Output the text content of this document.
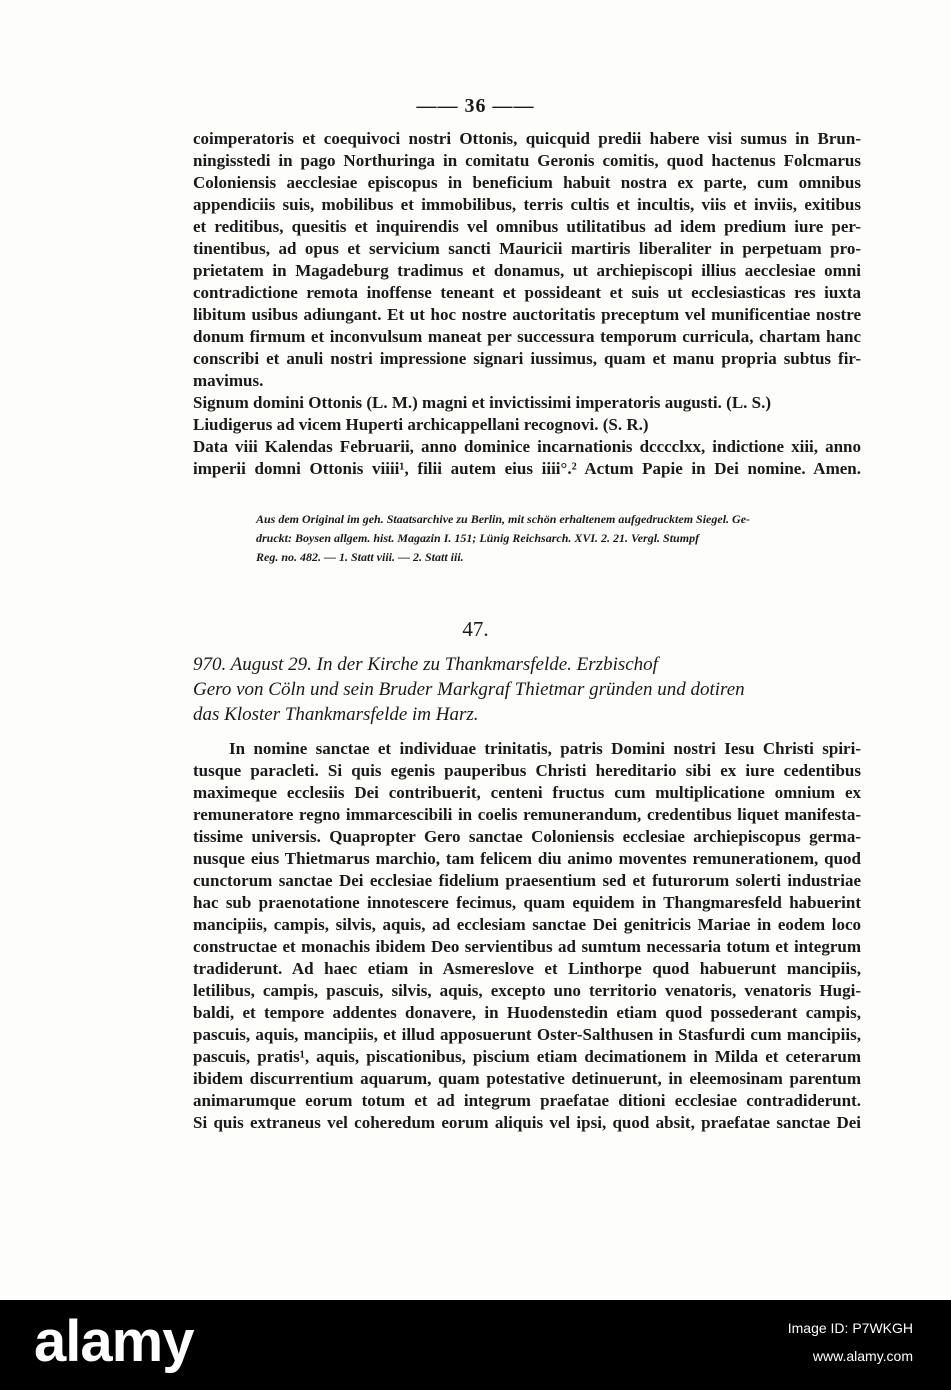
—— 36 ——
coimperatoris et coequivoci nostri Ottonis, quicquid predii habere visi sumus in Brun-
ningisstedi in pago Northuringa in comitatu Geronis comitis, quod hactenus Folcmarus
Coloniensis aecclesiae episcopus in beneficium habuit nostra ex parte, cum omnibus
appendiciis suis, mobilibus et immobilibus, terris cultis et incultis, viis et inviis, exitibus
et reditibus, quesitis et inquirendis vel omnibus utilitatibus ad idem predium iure per-
tinentibus, ad opus et servicium sancti Mauricii martiris liberaliter in perpetuam pro-
prietatem in Magadeburg tradimus et donamus, ut archiepiscopi illius aecclesiae omni
contradictione remota inoffense teneant et possideant et suis ut ecclesiasticas res iuxta
libitum usibus adiungant. Et ut hoc nostre auctoritatis preceptum vel munificentiae nostre
donum firmum et inconvulsum maneat per successura temporum curricula, chartam hanc
conscribi et anuli nostri impressione signari iussimus, quam et manu propria subtus fir-
mavimus.
Signum domini Ottonis (L. M.) magni et invictissimi imperatoris augusti. (L. S.)
Liudigerus ad vicem Huperti archicappellani recognovi. (S. R.)
Data viii Kalendas Februarii, anno dominice incarnationis dcccclxx, indictione xiii, anno
imperii domni Ottonis viiii¹, filii autem eius iiii°.² Actum Papie in Dei nomine. Amen.
Aus dem Original im geh. Staatsarchive zu Berlin, mit schön erhaltenem aufgedrucktem Siegel. Ge-
druckt: Boysen allgem. hist. Magazin I. 151; Lünig Reichsarch. XVI. 2. 21. Vergl. Stumpf
Reg. no. 482. — 1. Statt viii. — 2. Statt iii.
47.
970. August 29. In der Kirche zu Thankmarsfelde. Erzbischof
Gero von Cöln und sein Bruder Markgraf Thietmar gründen und dotiren
das Kloster Thankmarsfelde im Harz.
In nomine sanctae et individuae trinitatis, patris Domini nostri Iesu Christi spiri-
tusque paracleti. Si quis egenis pauperibus Christi hereditario sibi ex iure cedentibus
maximeque ecclesiis Dei contribuerit, centeni fructus cum multiplicatione omnium ex
remuneratore regno immarcescibili in coelis remunerandum, credentibus liquet manifesta-
tissime universis. Quapropter Gero sanctae Coloniensis ecclesiae archiepiscopus germa-
nusque eius Thietmarus marchio, tam felicem diu animo moventes remunerationem, quod
cunctorum sanctae Dei ecclesiae fidelium praesentium sed et futurorum solerti industriae
hac sub praenotatione innotescere fecimus, quam equidem in Thangmaresfeld habuerint
mancipiis, campis, silvis, aquis, ad ecclesiam sanctae Dei genitricis Mariae in eodem loco
constructae et monachis ibidem Deo servientibus ad sumtum necessaria totum et integrum
tradiderunt. Ad haec etiam in Asmereslove et Linthorpe quod habuerunt mancipiis,
letilibus, campis, pascuis, silvis, aquis, excepto uno territorio venatoris, venatoris Hugi-
baldi, et tempore addentes donavere, in Huodenstedin etiam quod possederant campis,
pascuis, aquis, mancipiis, et illud apposuerunt Oster-Salthusen in Stasfurdi cum mancipiis,
pascuis, pratis¹, aquis, piscationibus, piscium etiam decimationem in Milda et ceterarum
ibidem discurrentium aquarum, quam potestative detinuerunt, in eleemosinam parentum
animarumque eorum totum et ad integrum praefatae ditioni ecclesiae contradiderunt.
Si quis extraneus vel coheredum eorum aliquis vel ipsi, quod absit, praefatae sanctae Dei
alamy	Image ID: P7WKGH
www.alamy.com
